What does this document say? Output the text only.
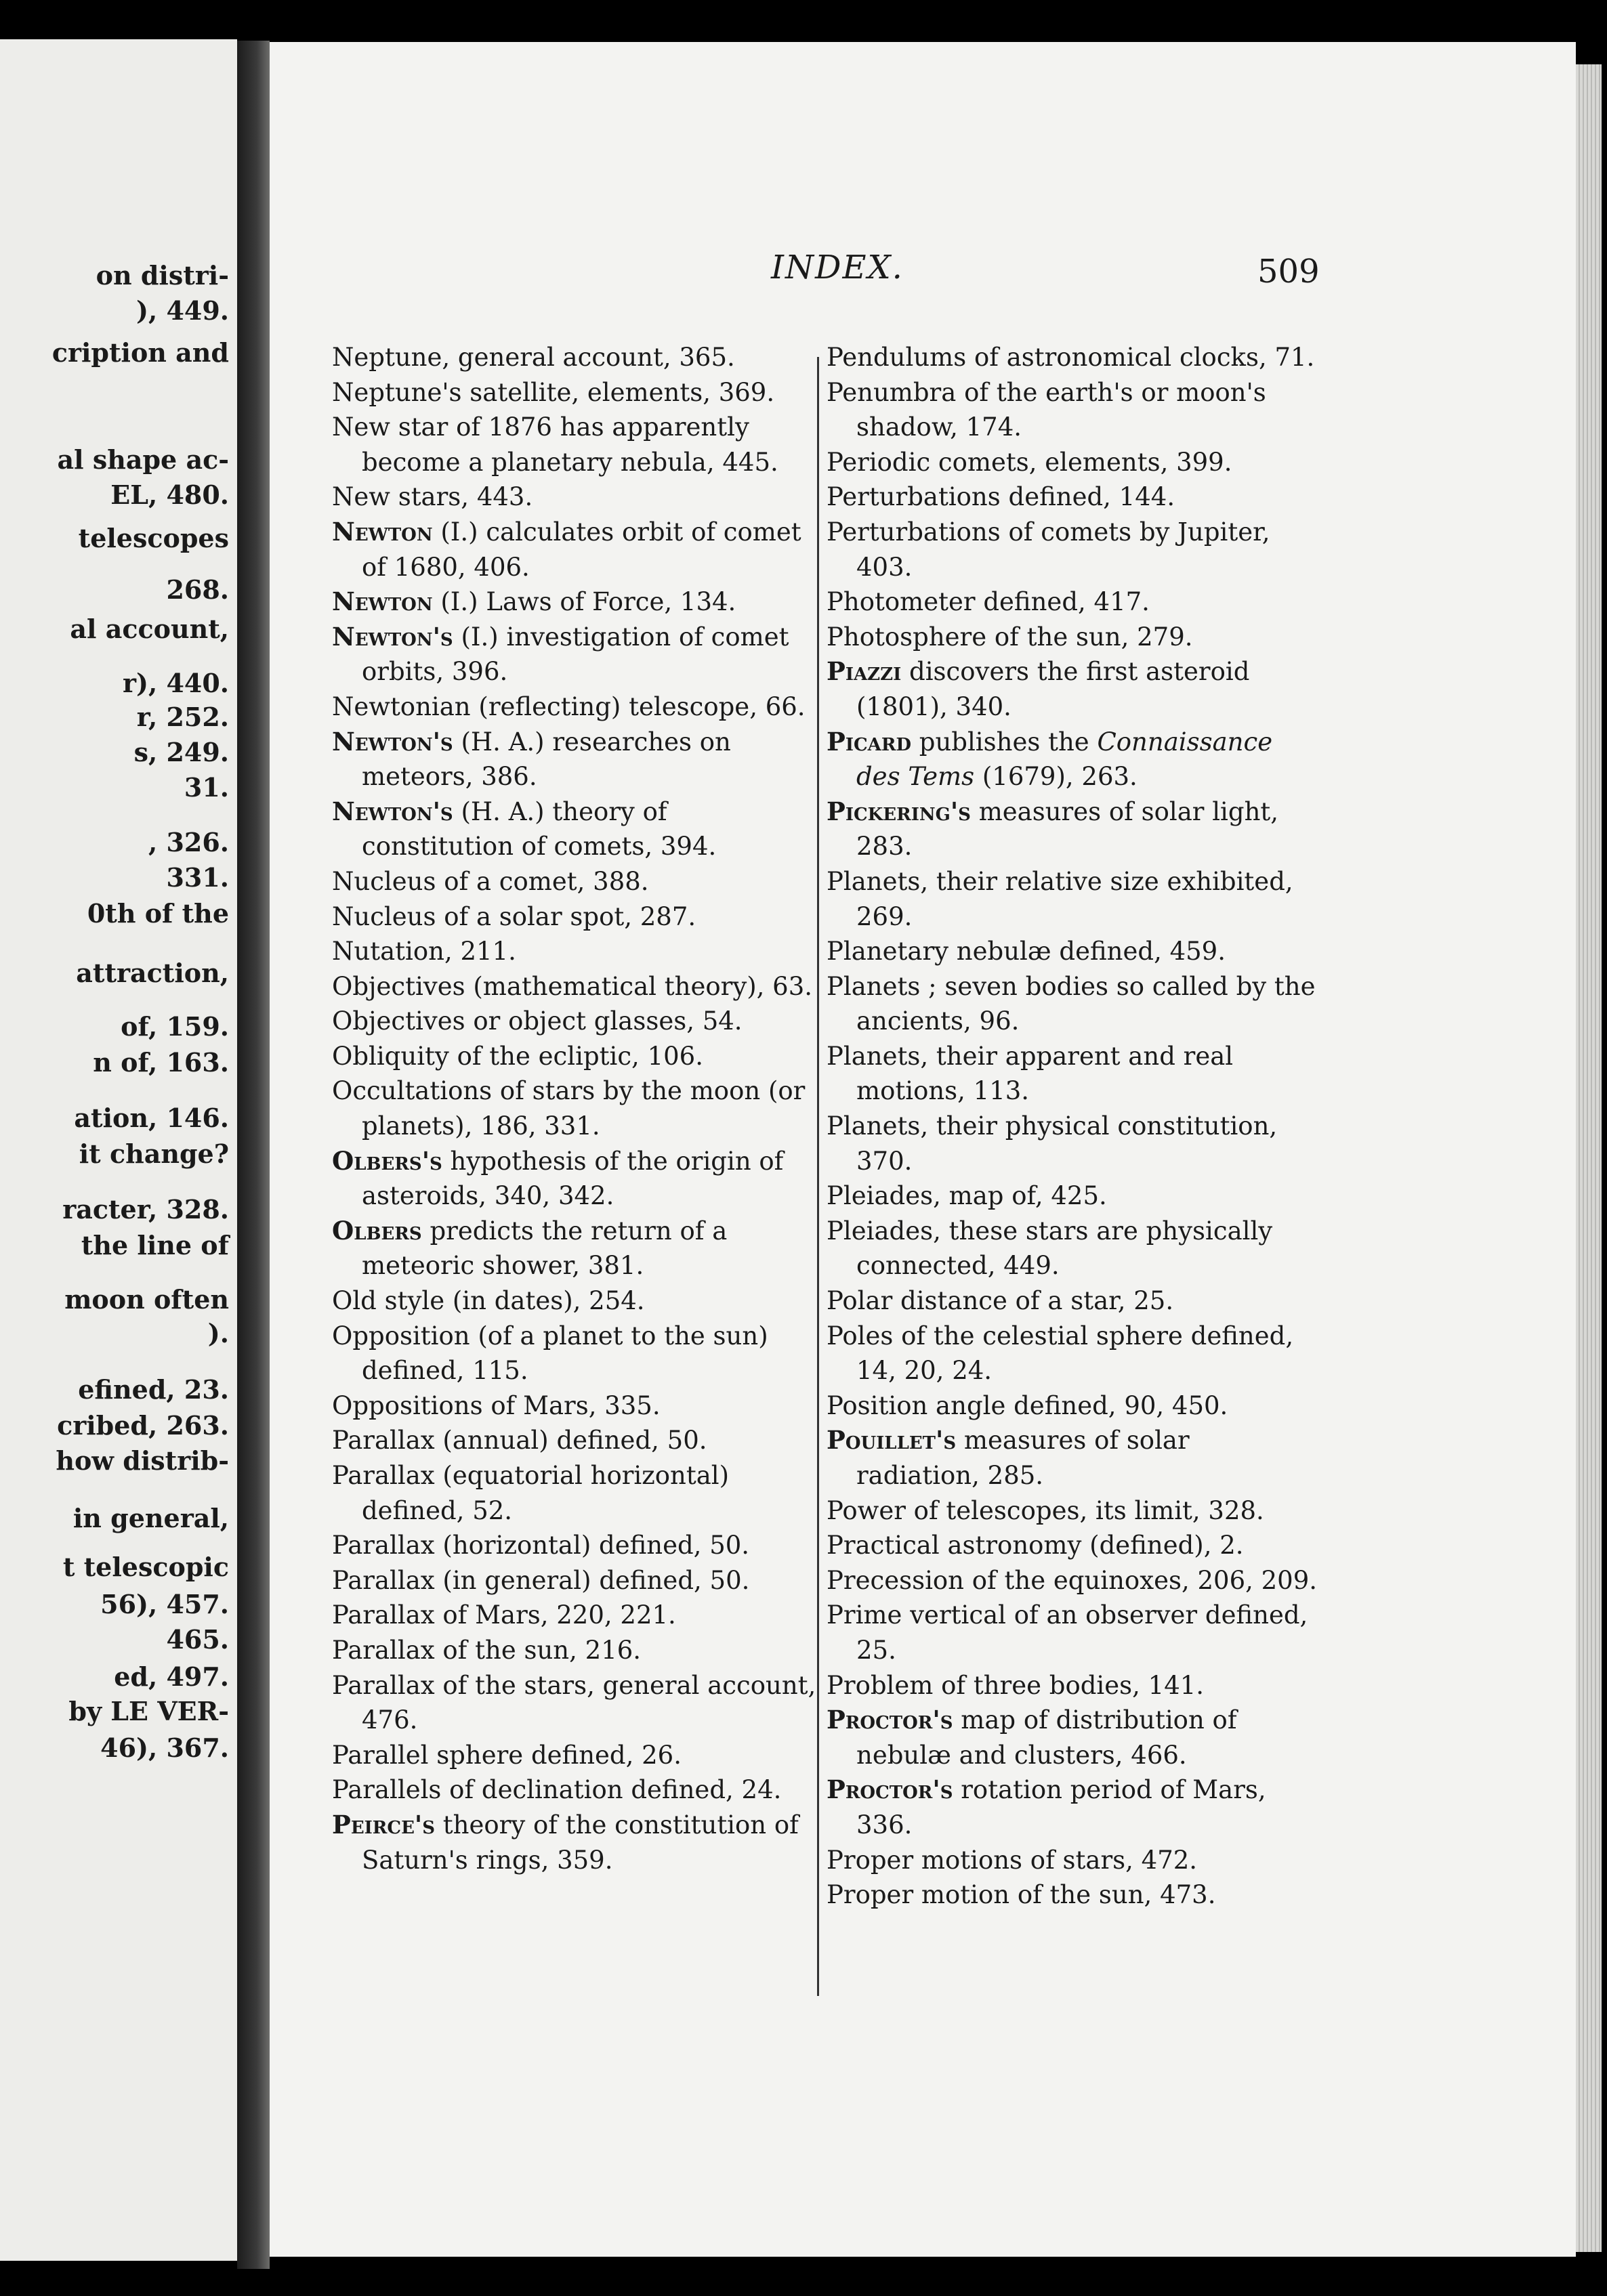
on distri-
), 449.
cription and
al shape ac-
EL, 480.
telescopes
268.
al account,
r), 440.
r, 252.
s, 249.
31.
, 326.
331.
0th of the
attraction,
of, 159.
n of, 163.
ation, 146.
it change?
racter, 328.
the line of
moon often
).
efined, 23.
cribed, 263.
how distrib-
in general,
t telescopic
56), 457.
465.
ed, 497.
by LE VER-
46), 367.
INDEX.	509

Neptune, general account, 365.

Neptune's satellite, elements, 369.

New star of 1876 has apparently become a planetary nebula, 445.

New stars, 443.

Newton (I.) calculates orbit of comet of 1680, 406.

Newton (I.) Laws of Force, 134.

Newton's (I.) investigation of comet orbits, 396.

Newtonian (reflecting) telescope, 66.

Newton's (H. A.) researches on meteors, 386.

Newton's (H. A.) theory of constitution of comets, 394.

Nucleus of a comet, 388.

Nucleus of a solar spot, 287.

Nutation, 211.

Objectives (mathematical theory), 63.

Objectives or object glasses, 54.

Obliquity of the ecliptic, 106.

Occultations of stars by the moon (or planets), 186, 331.

Olbers's hypothesis of the origin of asteroids, 340, 342.

Olbers predicts the return of a meteoric shower, 381.

Old style (in dates), 254.

Opposition (of a planet to the sun) defined, 115.

Oppositions of Mars, 335.

Parallax (annual) defined, 50.

Parallax (equatorial horizontal) defined, 52.

Parallax (horizontal) defined, 50.

Parallax (in general) defined, 50.

Parallax of Mars, 220, 221.

Parallax of the sun, 216.

Parallax of the stars, general account, 476.

Parallel sphere defined, 26.

Parallels of declination defined, 24.

Peirce's theory of the constitution of Saturn's rings, 359.

Pendulums of astronomical clocks, 71.

Penumbra of the earth's or moon's shadow, 174.

Periodic comets, elements, 399.

Perturbations defined, 144.

Perturbations of comets by Jupiter, 403.

Photometer defined, 417.

Photosphere of the sun, 279.

Piazzi discovers the first asteroid (1801), 340.

Picard publishes the Connaissance des Tems (1679), 263.

Pickering's measures of solar light, 283.

Planets, their relative size exhibited, 269.

Planetary nebulæ defined, 459.

Planets ; seven bodies so called by the ancients, 96.

Planets, their apparent and real motions, 113.

Planets, their physical constitution, 370.

Pleiades, map of, 425.

Pleiades, these stars are physically connected, 449.

Polar distance of a star, 25.

Poles of the celestial sphere defined, 14, 20, 24.

Position angle defined, 90, 450.

Pouillet's measures of solar radiation, 285.

Power of telescopes, its limit, 328.

Practical astronomy (defined), 2.

Precession of the equinoxes, 206, 209.

Prime vertical of an observer defined, 25.

Problem of three bodies, 141.

Proctor's map of distribution of nebulæ and clusters, 466.

Proctor's rotation period of Mars, 336.

Proper motions of stars, 472.

Proper motion of the sun, 473.
